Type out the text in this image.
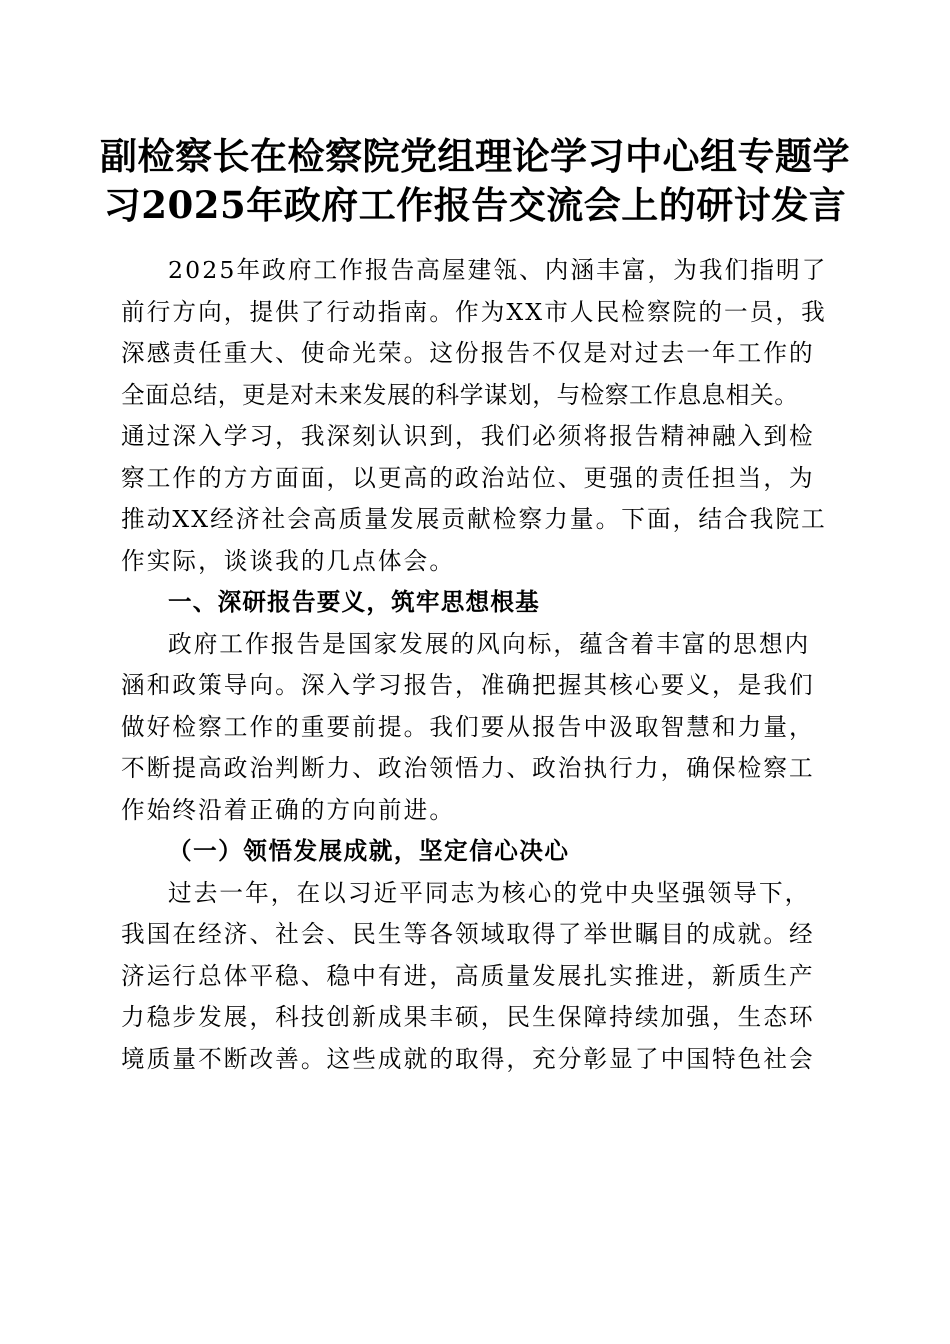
副检察长在检察院党组理论学习中心组专题学
习2025年政府工作报告交流会上的研讨发言
2025年政府工作报告高屋建瓴、内涵丰富，为我们指明了
前行方向，提供了行动指南。作为XX市人民检察院的一员，我
深感责任重大、使命光荣。这份报告不仅是对过去一年工作的
全面总结，更是对未来发展的科学谋划，与检察工作息息相关。
通过深入学习，我深刻认识到，我们必须将报告精神融入到检
察工作的方方面面，以更高的政治站位、更强的责任担当，为
推动XX经济社会高质量发展贡献检察力量。下面，结合我院工
作实际，谈谈我的几点体会。
一、深研报告要义，筑牢思想根基
政府工作报告是国家发展的风向标，蕴含着丰富的思想内
涵和政策导向。深入学习报告，准确把握其核心要义，是我们
做好检察工作的重要前提。我们要从报告中汲取智慧和力量，
不断提高政治判断力、政治领悟力、政治执行力，确保检察工
作始终沿着正确的方向前进。
（一）领悟发展成就，坚定信心决心
过去一年，在以习近平同志为核心的党中央坚强领导下，
我国在经济、社会、民生等各领域取得了举世瞩目的成就。经
济运行总体平稳、稳中有进，高质量发展扎实推进，新质生产
力稳步发展，科技创新成果丰硕，民生保障持续加强，生态环
境质量不断改善。这些成就的取得，充分彰显了中国特色社会
